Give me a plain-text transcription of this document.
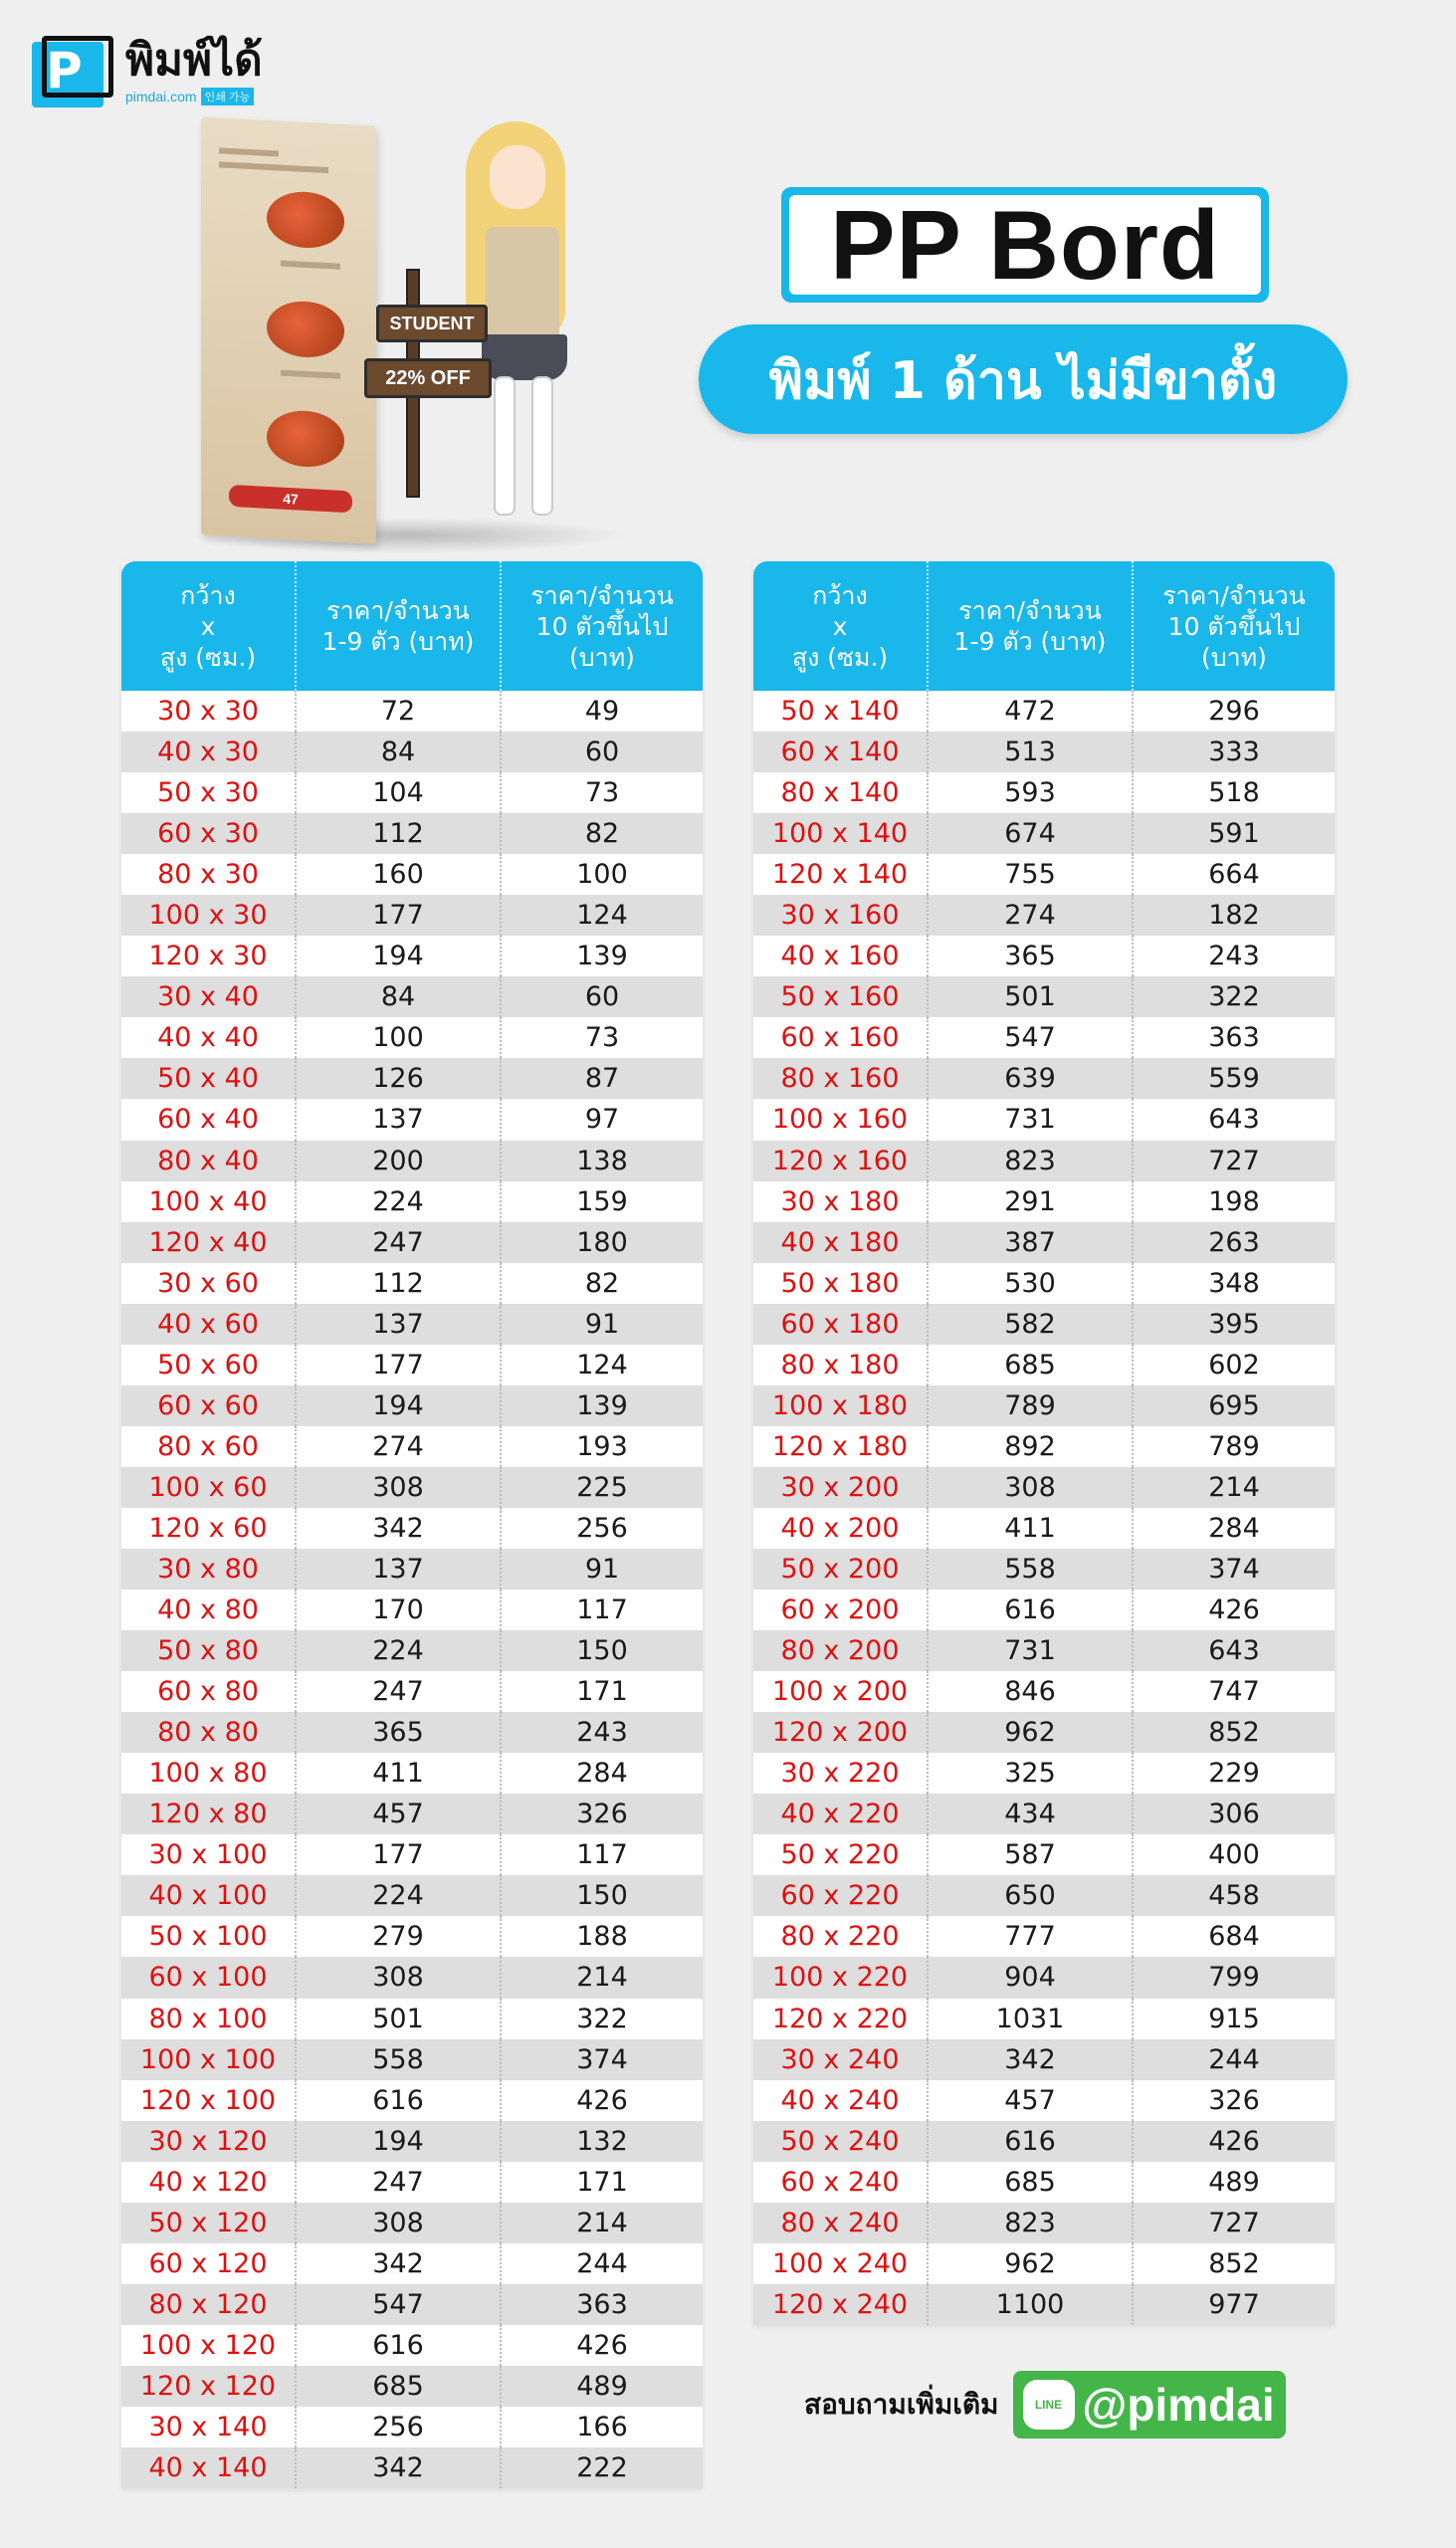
P พิมพ์ได้
pimdai.com 인쇄 가능
47
STUDENT
22% OFF
PP Bord
พิมพ์ 1 ด้าน ไม่มีขาตั้ง
กว้าง
x
สูง (ซม.)
ราคา/จำนวน
1-9 ตัว (บาท)
ราคา/จำนวน
10 ตัวขึ้นไป
(บาท)
30 x 30	72	49
40 x 30	84	60
50 x 30	104	73
60 x 30	112	82
80 x 30	160	100
100 x 30	177	124
120 x 30	194	139
30 x 40	84	60
40 x 40	100	73
50 x 40	126	87
60 x 40	137	97
80 x 40	200	138
100 x 40	224	159
120 x 40	247	180
30 x 60	112	82
40 x 60	137	91
50 x 60	177	124
60 x 60	194	139
80 x 60	274	193
100 x 60	308	225
120 x 60	342	256
30 x 80	137	91
40 x 80	170	117
50 x 80	224	150
60 x 80	247	171
80 x 80	365	243
100 x 80	411	284
120 x 80	457	326
30 x 100	177	117
40 x 100	224	150
50 x 100	279	188
60 x 100	308	214
80 x 100	501	322
100 x 100	558	374
120 x 100	616	426
30 x 120	194	132
40 x 120	247	171
50 x 120	308	214
60 x 120	342	244
80 x 120	547	363
100 x 120	616	426
120 x 120	685	489
30 x 140	256	166
40 x 140	342	222
กว้าง
x
สูง (ซม.)
ราคา/จำนวน
1-9 ตัว (บาท)
ราคา/จำนวน
10 ตัวขึ้นไป
(บาท)
50 x 140	472	296
60 x 140	513	333
80 x 140	593	518
100 x 140	674	591
120 x 140	755	664
30 x 160	274	182
40 x 160	365	243
50 x 160	501	322
60 x 160	547	363
80 x 160	639	559
100 x 160	731	643
120 x 160	823	727
30 x 180	291	198
40 x 180	387	263
50 x 180	530	348
60 x 180	582	395
80 x 180	685	602
100 x 180	789	695
120 x 180	892	789
30 x 200	308	214
40 x 200	411	284
50 x 200	558	374
60 x 200	616	426
80 x 200	731	643
100 x 200	846	747
120 x 200	962	852
30 x 220	325	229
40 x 220	434	306
50 x 220	587	400
60 x 220	650	458
80 x 220	777	684
100 x 220	904	799
120 x 220	1031	915
30 x 240	342	244
40 x 240	457	326
50 x 240	616	426
60 x 240	685	489
80 x 240	823	727
100 x 240	962	852
120 x 240	1100	977
สอบถามเพิ่มเติม	LINE @pimdai
